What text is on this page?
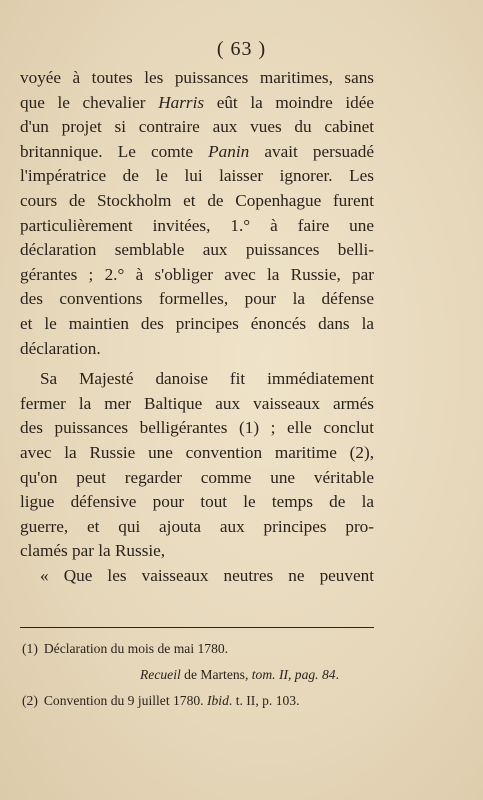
( 63 )
voyée à toutes les puissances maritimes, sans
que le chevalier Harris eût la moindre idée
d'un projet si contraire aux vues du cabinet
britannique. Le comte Panin avait persuadé
l'impératrice de le lui laisser ignorer. Les
cours de Stockholm et de Copenhague furent
particulièrement invitées, 1.° à faire une
déclaration semblable aux puissances belli-
gérantes ; 2.° à s'obliger avec la Russie, par
des conventions formelles, pour la défense
et le maintien des principes énoncés dans la
déclaration.
Sa Majesté danoise fit immédiatement
fermer la mer Baltique aux vaisseaux armés
des puissances belligérantes (1) ; elle conclut
avec la Russie une convention maritime (2),
qu'on peut regarder comme une véritable
ligue défensive pour tout le temps de la
guerre, et qui ajouta aux principes pro-
clamés par la Russie,
« Que les vaisseaux neutres ne peuvent
(1) Déclaration du mois de mai 1780.
Recueil de Martens, tom. II, pag. 84.
(2) Convention du 9 juillet 1780. Ibid. t. II, p. 103.
